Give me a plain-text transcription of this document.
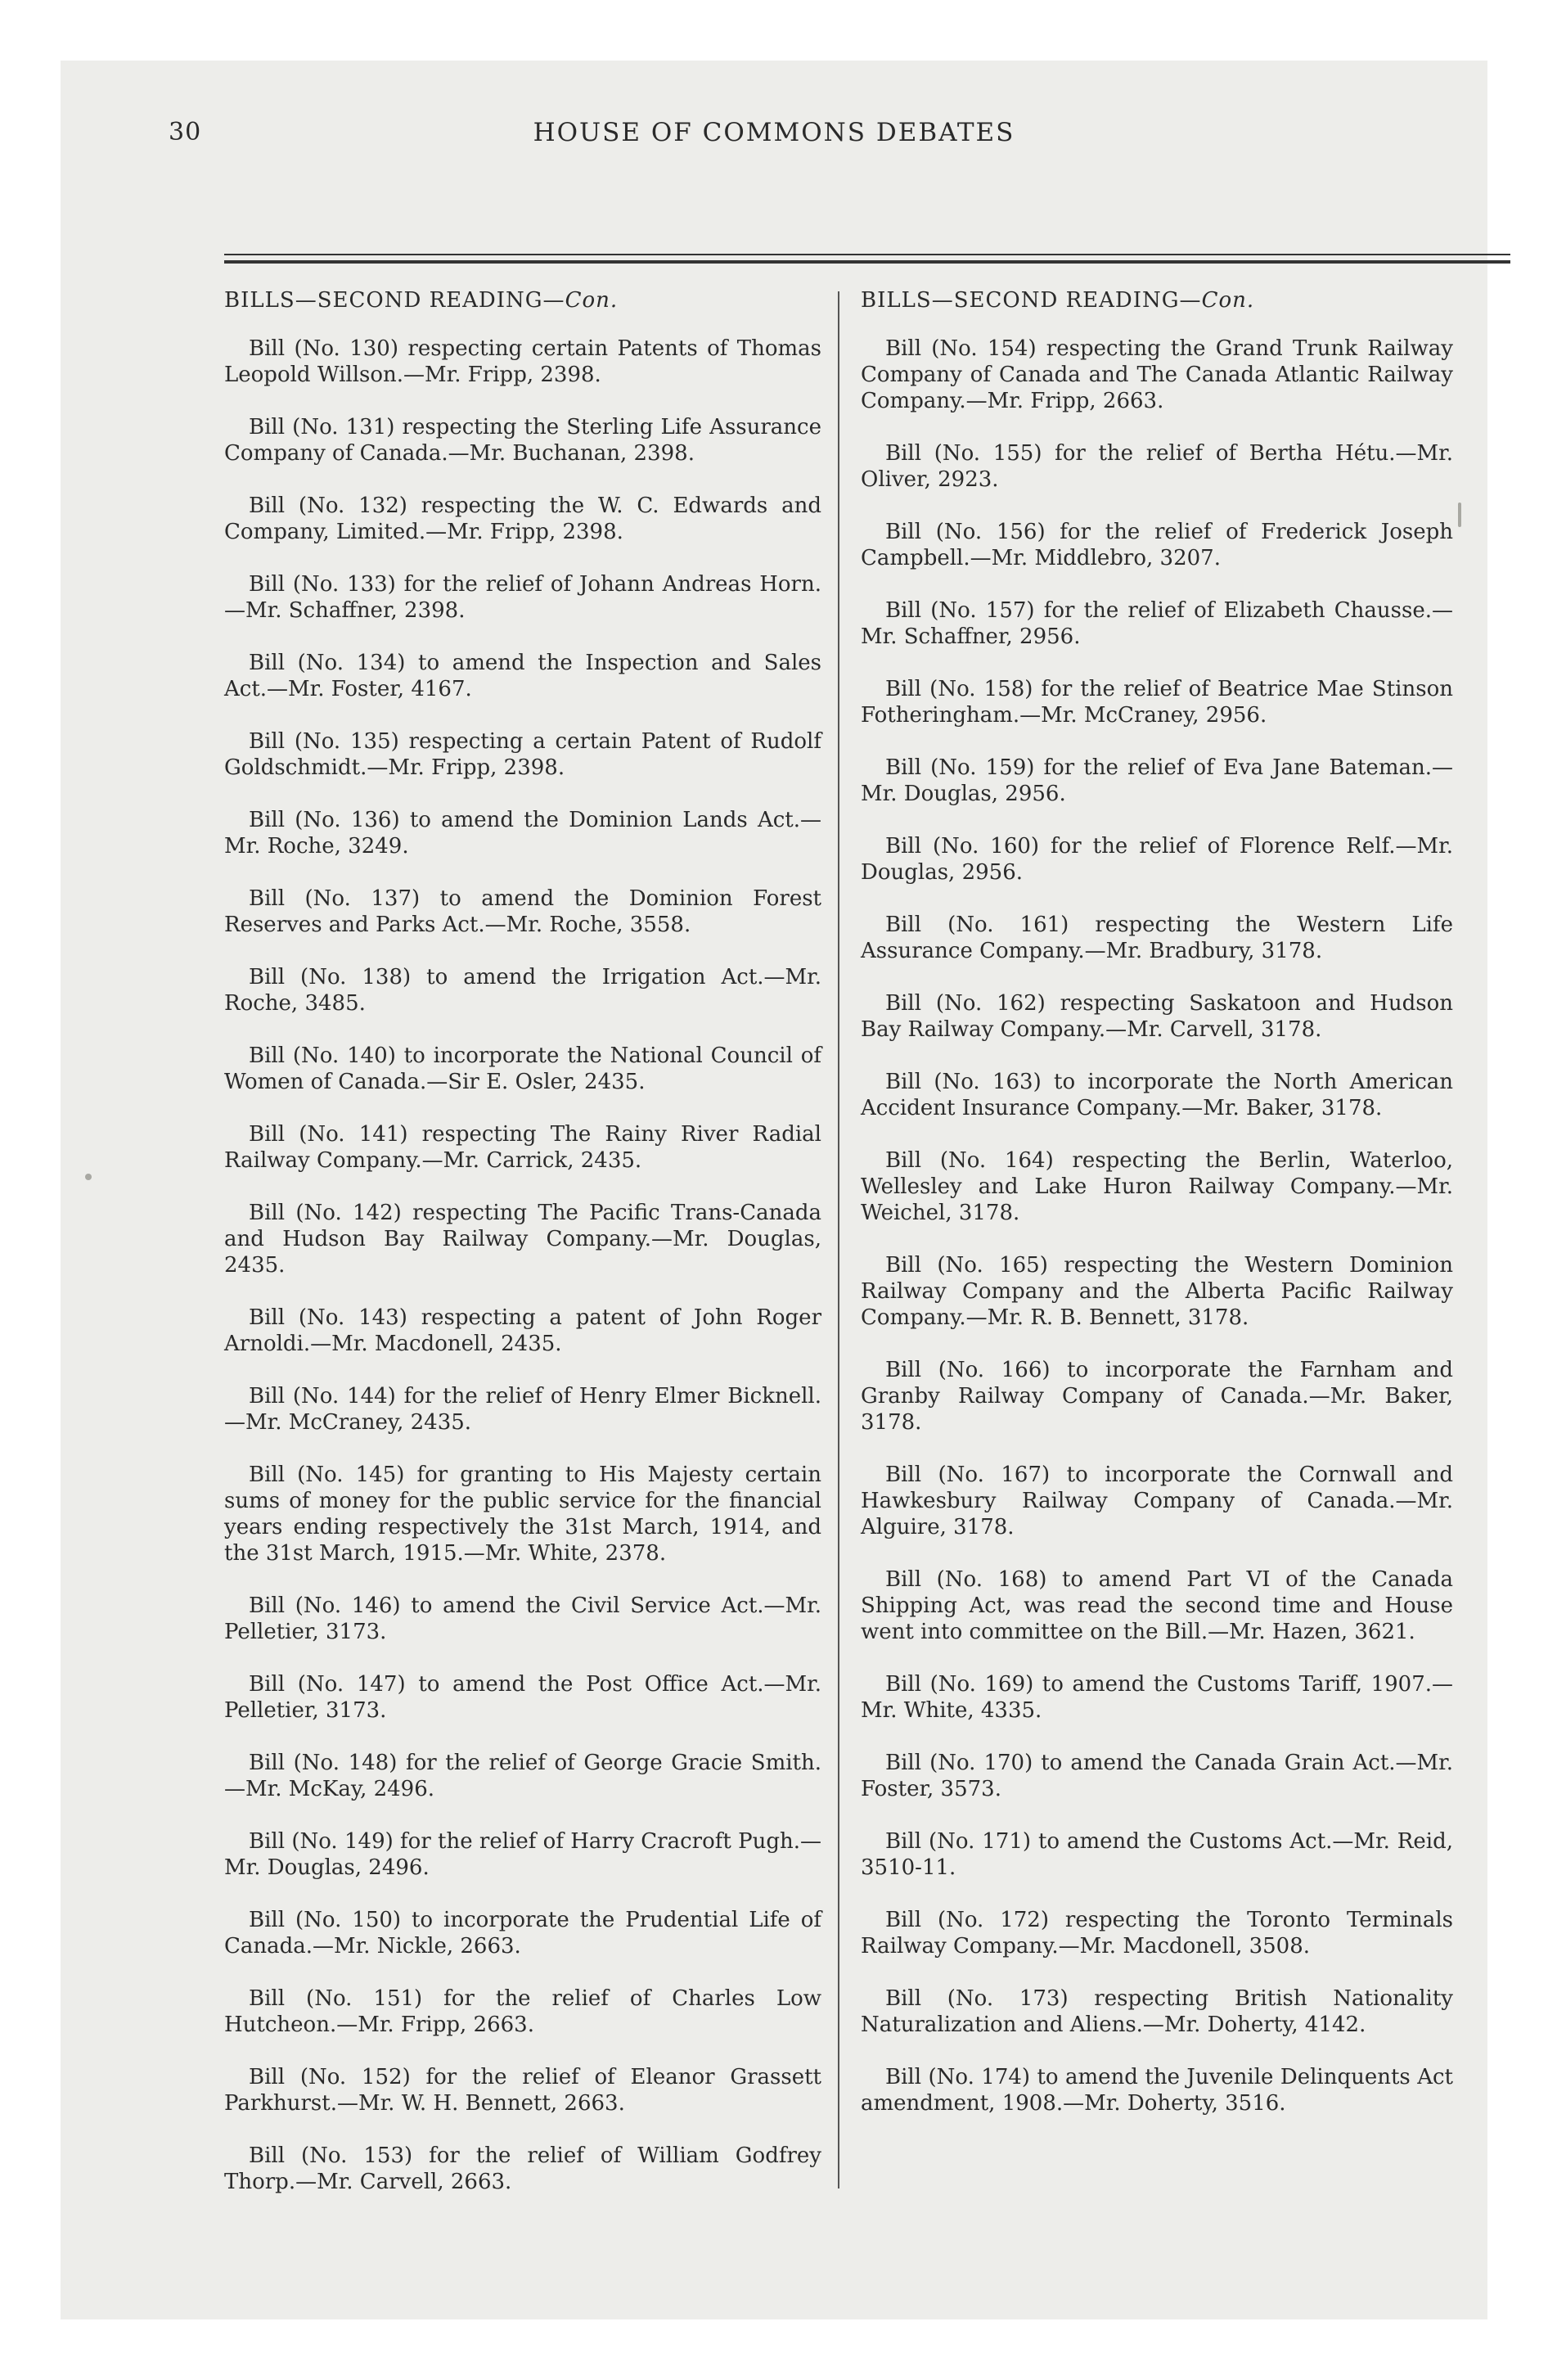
30	HOUSE OF COMMONS DEBATES
BILLS—SECOND READING—Con.

Bill (No. 130) respecting certain Patents of Thomas Leopold Willson.—Mr. Fripp, 2398.

Bill (No. 131) respecting the Sterling Life Assurance Company of Canada.—Mr. Buchanan, 2398.

Bill (No. 132) respecting the W. C. Edwards and Company, Limited.—Mr. Fripp, 2398.

Bill (No. 133) for the relief of Johann Andreas Horn.—Mr. Schaffner, 2398.

Bill (No. 134) to amend the Inspection and Sales Act.—Mr. Foster, 4167.

Bill (No. 135) respecting a certain Patent of Rudolf Goldschmidt.—Mr. Fripp, 2398.

Bill (No. 136) to amend the Dominion Lands Act.—Mr. Roche, 3249.

Bill (No. 137) to amend the Dominion Forest Reserves and Parks Act.—Mr. Roche, 3558.

Bill (No. 138) to amend the Irrigation Act.—Mr. Roche, 3485.

Bill (No. 140) to incorporate the National Council of Women of Canada.—Sir E. Osler, 2435.

Bill (No. 141) respecting The Rainy River Radial Railway Company.—Mr. Carrick, 2435.

Bill (No. 142) respecting The Pacific Trans-Canada and Hudson Bay Railway Company.—Mr. Douglas, 2435.

Bill (No. 143) respecting a patent of John Roger Arnoldi.—Mr. Macdonell, 2435.

Bill (No. 144) for the relief of Henry Elmer Bicknell.—Mr. McCraney, 2435.

Bill (No. 145) for granting to His Majesty certain sums of money for the public service for the financial years ending respectively the 31st March, 1914, and the 31st March, 1915.—Mr. White, 2378.

Bill (No. 146) to amend the Civil Service Act.—Mr. Pelletier, 3173.

Bill (No. 147) to amend the Post Office Act.—Mr. Pelletier, 3173.

Bill (No. 148) for the relief of George Gracie Smith.—Mr. McKay, 2496.

Bill (No. 149) for the relief of Harry Cracroft Pugh.—Mr. Douglas, 2496.

Bill (No. 150) to incorporate the Prudential Life of Canada.—Mr. Nickle, 2663.

Bill (No. 151) for the relief of Charles Low Hutcheon.—Mr. Fripp, 2663.

Bill (No. 152) for the relief of Eleanor Grassett Parkhurst.—Mr. W. H. Bennett, 2663.

Bill (No. 153) for the relief of William Godfrey Thorp.—Mr. Carvell, 2663.

BILLS—SECOND READING—Con.

Bill (No. 154) respecting the Grand Trunk Railway Company of Canada and The Canada Atlantic Railway Company.—Mr. Fripp, 2663.

Bill (No. 155) for the relief of Bertha Hétu.—Mr. Oliver, 2923.

Bill (No. 156) for the relief of Frederick Joseph Campbell.—Mr. Middlebro, 3207.

Bill (No. 157) for the relief of Elizabeth Chausse.—Mr. Schaffner, 2956.

Bill (No. 158) for the relief of Beatrice Mae Stinson Fotheringham.—Mr. McCraney, 2956.

Bill (No. 159) for the relief of Eva Jane Bateman.—Mr. Douglas, 2956.

Bill (No. 160) for the relief of Florence Relf.—Mr. Douglas, 2956.

Bill (No. 161) respecting the Western Life Assurance Company.—Mr. Bradbury, 3178.

Bill (No. 162) respecting Saskatoon and Hudson Bay Railway Company.—Mr. Carvell, 3178.

Bill (No. 163) to incorporate the North American Accident Insurance Company.—Mr. Baker, 3178.

Bill (No. 164) respecting the Berlin, Waterloo, Wellesley and Lake Huron Railway Company.—Mr. Weichel, 3178.

Bill (No. 165) respecting the Western Dominion Railway Company and the Alberta Pacific Railway Company.—Mr. R. B. Bennett, 3178.

Bill (No. 166) to incorporate the Farnham and Granby Railway Company of Canada.—Mr. Baker, 3178.

Bill (No. 167) to incorporate the Cornwall and Hawkesbury Railway Company of Canada.—Mr. Alguire, 3178.

Bill (No. 168) to amend Part VI of the Canada Shipping Act, was read the second time and House went into committee on the Bill.—Mr. Hazen, 3621.

Bill (No. 169) to amend the Customs Tariff, 1907.—Mr. White, 4335.

Bill (No. 170) to amend the Canada Grain Act.—Mr. Foster, 3573.

Bill (No. 171) to amend the Customs Act.—Mr. Reid, 3510-11.

Bill (No. 172) respecting the Toronto Terminals Railway Company.—Mr. Macdonell, 3508.

Bill (No. 173) respecting British Nationality Naturalization and Aliens.—Mr. Doherty, 4142.

Bill (No. 174) to amend the Juvenile Delinquents Act amendment, 1908.—Mr. Doherty, 3516.
